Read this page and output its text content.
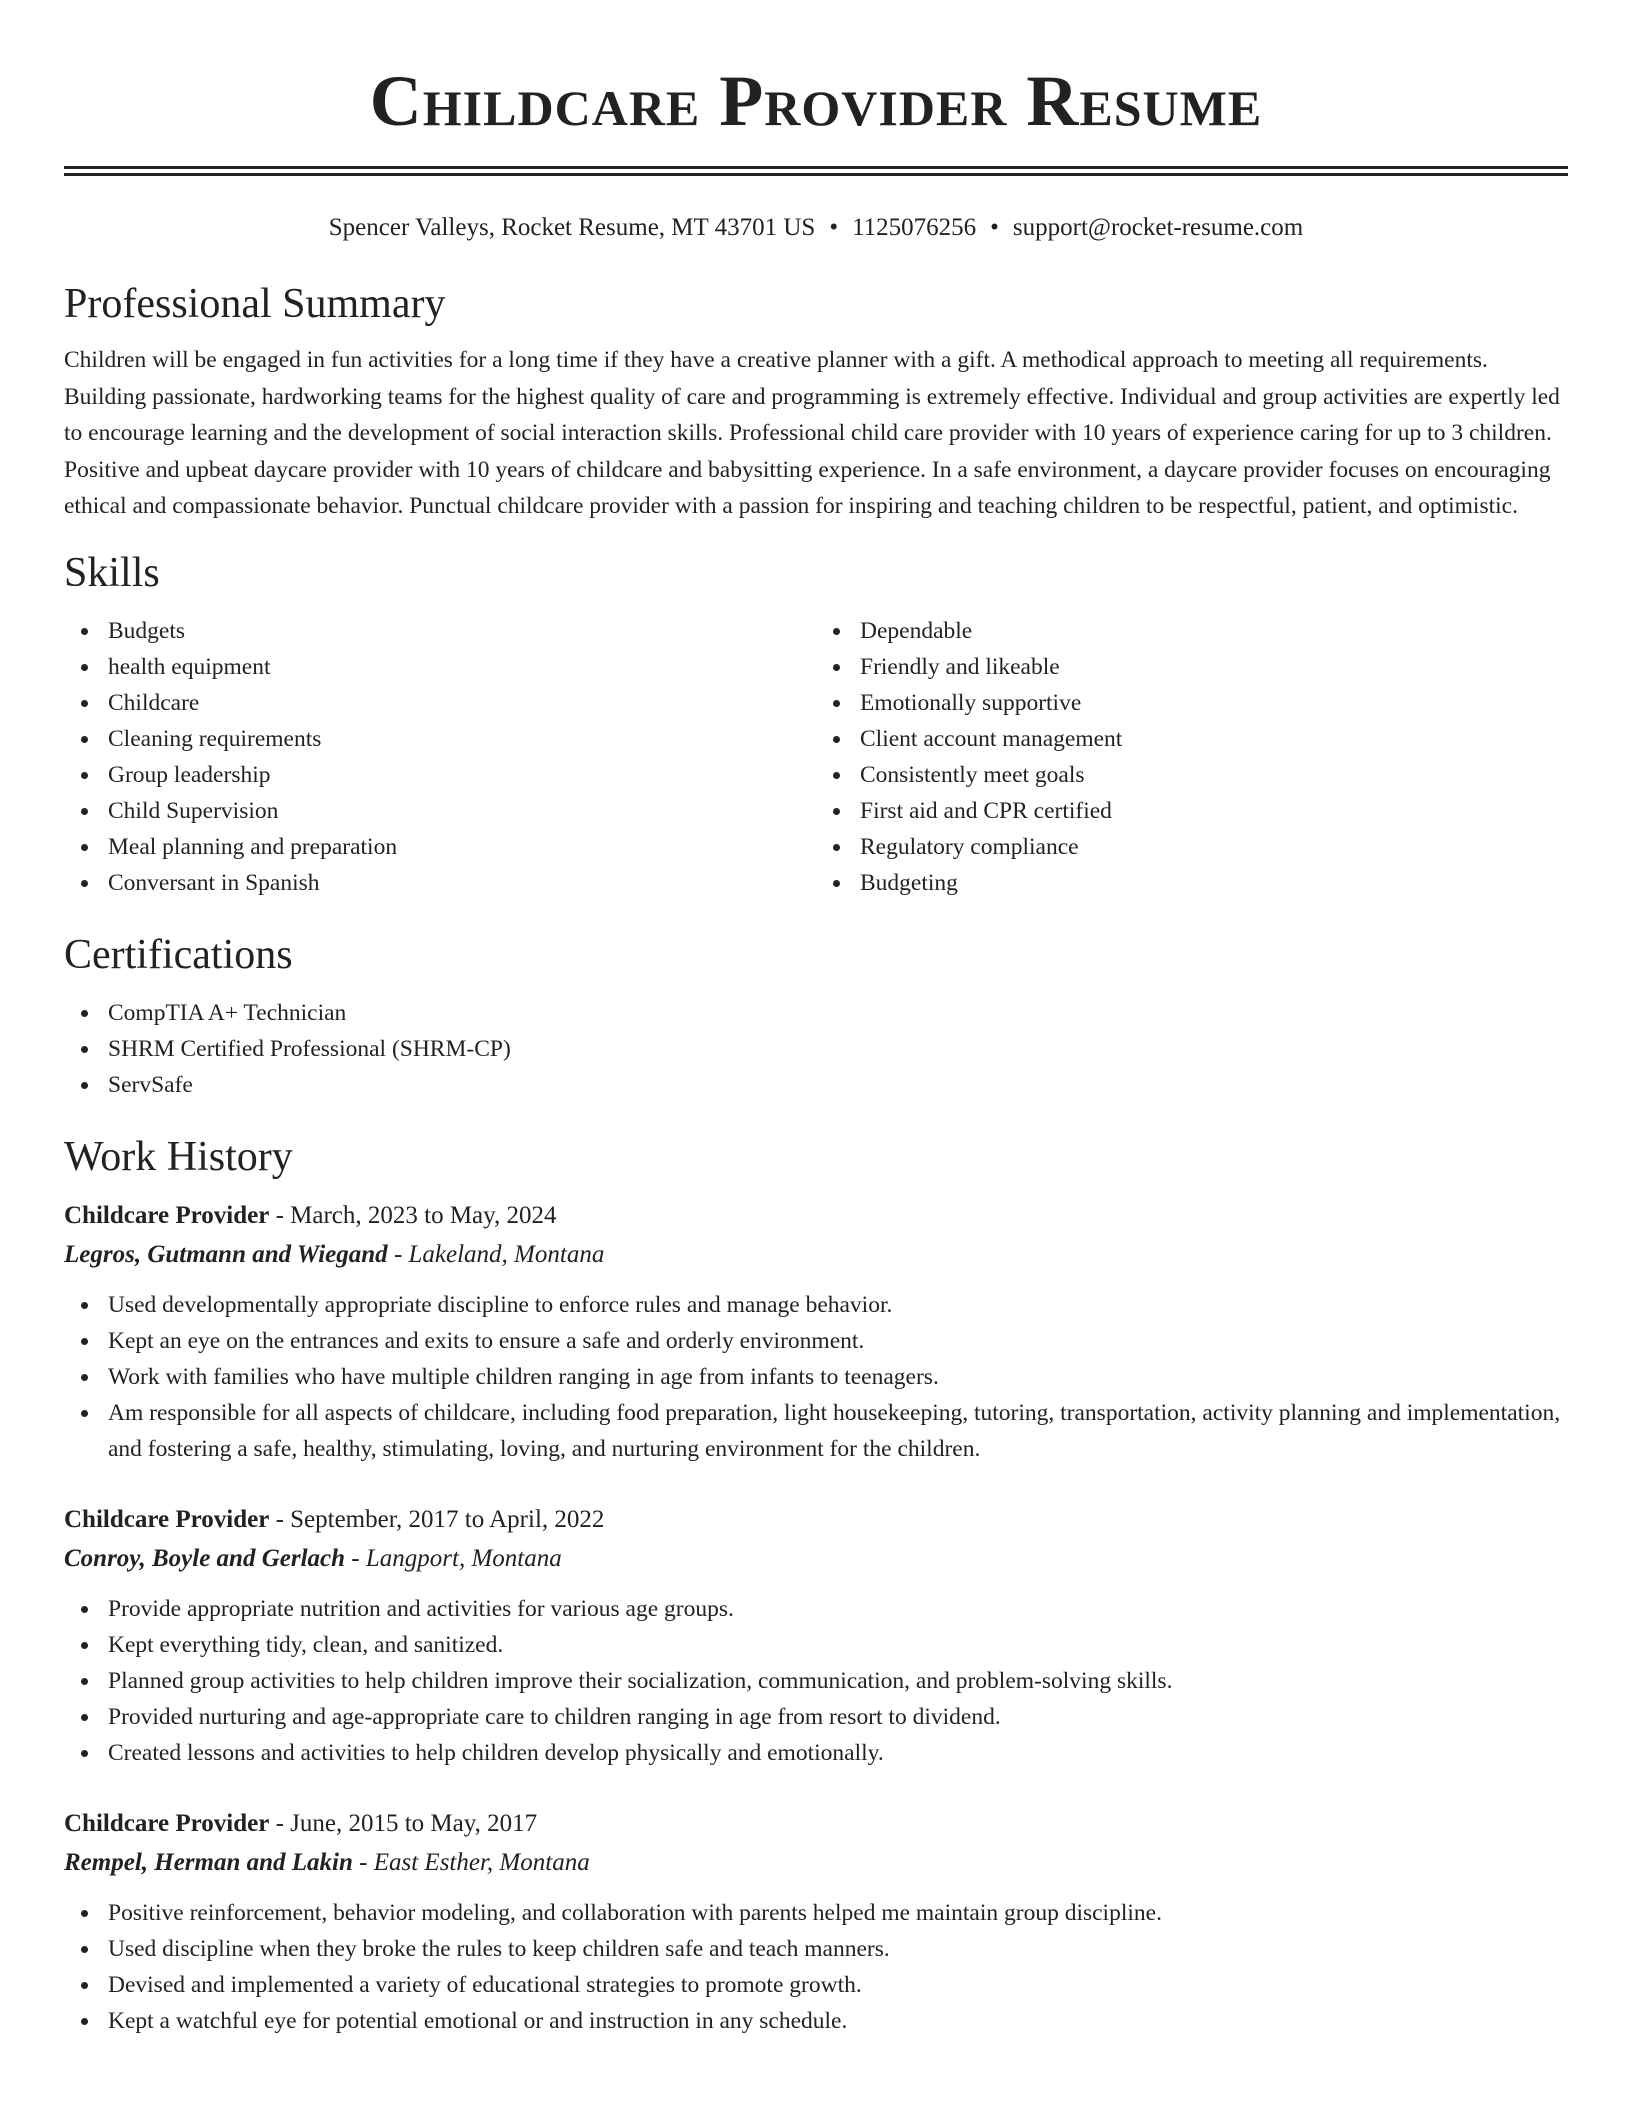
Childcare Provider Resume
Spencer Valleys, Rocket Resume, MT 43701 US • 1125076256 • support@rocket-resume.com
Professional Summary
Children will be engaged in fun activities for a long time if they have a creative planner with a gift. A methodical approach to meeting all requirements. Building passionate, hardworking teams for the highest quality of care and programming is extremely effective. Individual and group activities are expertly led to encourage learning and the development of social interaction skills. Professional child care provider with 10 years of experience caring for up to 3 children. Positive and upbeat daycare provider with 10 years of childcare and babysitting experience. In a safe environment, a daycare provider focuses on encouraging ethical and compassionate behavior. Punctual childcare provider with a passion for inspiring and teaching children to be respectful, patient, and optimistic.
Skills
Budgets
health equipment
Childcare
Cleaning requirements
Group leadership
Child Supervision
Meal planning and preparation
Conversant in Spanish
Dependable
Friendly and likeable
Emotionally supportive
Client account management
Consistently meet goals
First aid and CPR certified
Regulatory compliance
Budgeting
Certifications
CompTIA A+ Technician
SHRM Certified Professional (SHRM-CP)
ServSafe
Work History
Childcare Provider - March, 2023 to May, 2024
Legros, Gutmann and Wiegand - Lakeland, Montana
Used developmentally appropriate discipline to enforce rules and manage behavior.
Kept an eye on the entrances and exits to ensure a safe and orderly environment.
Work with families who have multiple children ranging in age from infants to teenagers.
Am responsible for all aspects of childcare, including food preparation, light housekeeping, tutoring, transportation, activity planning and implementation, and fostering a safe, healthy, stimulating, loving, and nurturing environment for the children.
Childcare Provider - September, 2017 to April, 2022
Conroy, Boyle and Gerlach - Langport, Montana
Provide appropriate nutrition and activities for various age groups.
Kept everything tidy, clean, and sanitized.
Planned group activities to help children improve their socialization, communication, and problem-solving skills.
Provided nurturing and age-appropriate care to children ranging in age from resort to dividend.
Created lessons and activities to help children develop physically and emotionally.
Childcare Provider - June, 2015 to May, 2017
Rempel, Herman and Lakin - East Esther, Montana
Positive reinforcement, behavior modeling, and collaboration with parents helped me maintain group discipline.
Used discipline when they broke the rules to keep children safe and teach manners.
Devised and implemented a variety of educational strategies to promote growth.
Kept a watchful eye for potential emotional or and instruction in any schedule.
